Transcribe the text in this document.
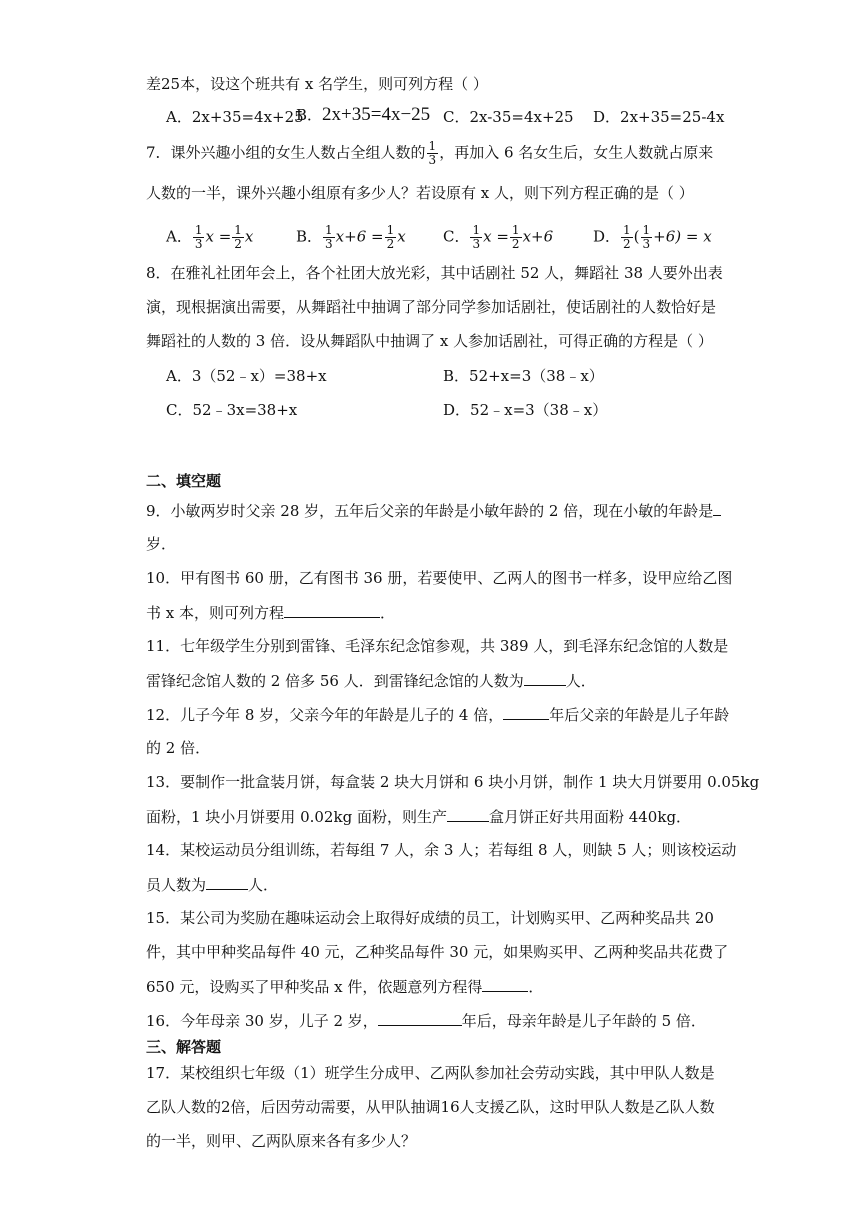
差25本，设这个班共有 x 名学生，则可列方程（ ）
A．2x+35=4x+25
B．2x+35=4x−25 C．2x-35=4x+25 D．2x+35=25-4x
7．课外兴趣小组的女生人数占全组人数的 $\frac{1}{3}$ ，再加入 6 名女生后，女生人数就占原来
人数的一半，课外兴趣小组原有多少人？若设原有 x 人，则下列方程正确的是（ ）
A． $\frac{1}{3}$ $x = \frac{1}{2}$ x	B． $\frac{1}{3} x+6 = \frac{1}{2}$ x C． $\frac{1}{3}$ $x = \frac{1}{2} x+6$	D． $\frac{1}{2}$ ( $\frac{1}{3} +6) = x$
8．在雅礼社团年会上，各个社团大放光彩，其中话剧社 52 人，舞蹈社 38 人要外出表
演，现根据演出需要，从舞蹈社中抽调了部分同学参加话剧社，使话剧社的人数恰好是
舞蹈社的人数的 3 倍．设从舞蹈队中抽调了 x 人参加话剧社，可得正确的方程是（ ）
A．3（52﹣x）=38+x	B．52+x=3（38﹣x）
C．52﹣3x=38+x	D．52﹣x=3（38﹣x）
二、填空题
9．小敏两岁时父亲 28 岁，五年后父亲的年龄是小敏年龄的 2 倍，现在小敏的年龄是
岁．
10．甲有图书 60 册，乙有图书 36 册，若要使甲、乙两人的图书一样多，设甲应给乙图
书 x 本，则可列方程	．
11．七年级学生分别到雷锋、毛泽东纪念馆参观，共 389 人，到毛泽东纪念馆的人数是
雷锋纪念馆人数的 2 倍多 56 人．到雷锋纪念馆的人数为	人．
12．儿子今年 8 岁，父亲今年的年龄是儿子的 4 倍，	年后父亲的年龄是儿子年龄
的 2 倍．
13．要制作一批盒装月饼，每盒装 2 块大月饼和 6 块小月饼，制作 1 块大月饼要用 0.05kg
面粉，1 块小月饼要用 0.02kg 面粉，则生产	盒月饼正好共用面粉 440kg．
14．某校运动员分组训练，若每组 7 人，余 3 人；若每组 8 人，则缺 5 人；则该校运动
员人数为	人．
15．某公司为奖励在趣味运动会上取得好成绩的员工，计划购买甲、乙两种奖品共 20
件，其中甲种奖品每件 40 元，乙种奖品每件 30 元，如果购买甲、乙两种奖品共花费了
650 元，设购买了甲种奖品 x 件，依题意列方程得	．
16．今年母亲 30 岁，儿子 2 岁，	年后，母亲年龄是儿子年龄的 5 倍．
三、解答题
17．某校组织七年级（1）班学生分成甲、乙两队参加社会劳动实践，其中甲队人数是
乙队人数的2倍，后因劳动需要，从甲队抽调16人支援乙队，这时甲队人数是乙队人数
的一半，则甲、乙两队原来各有多少人？
